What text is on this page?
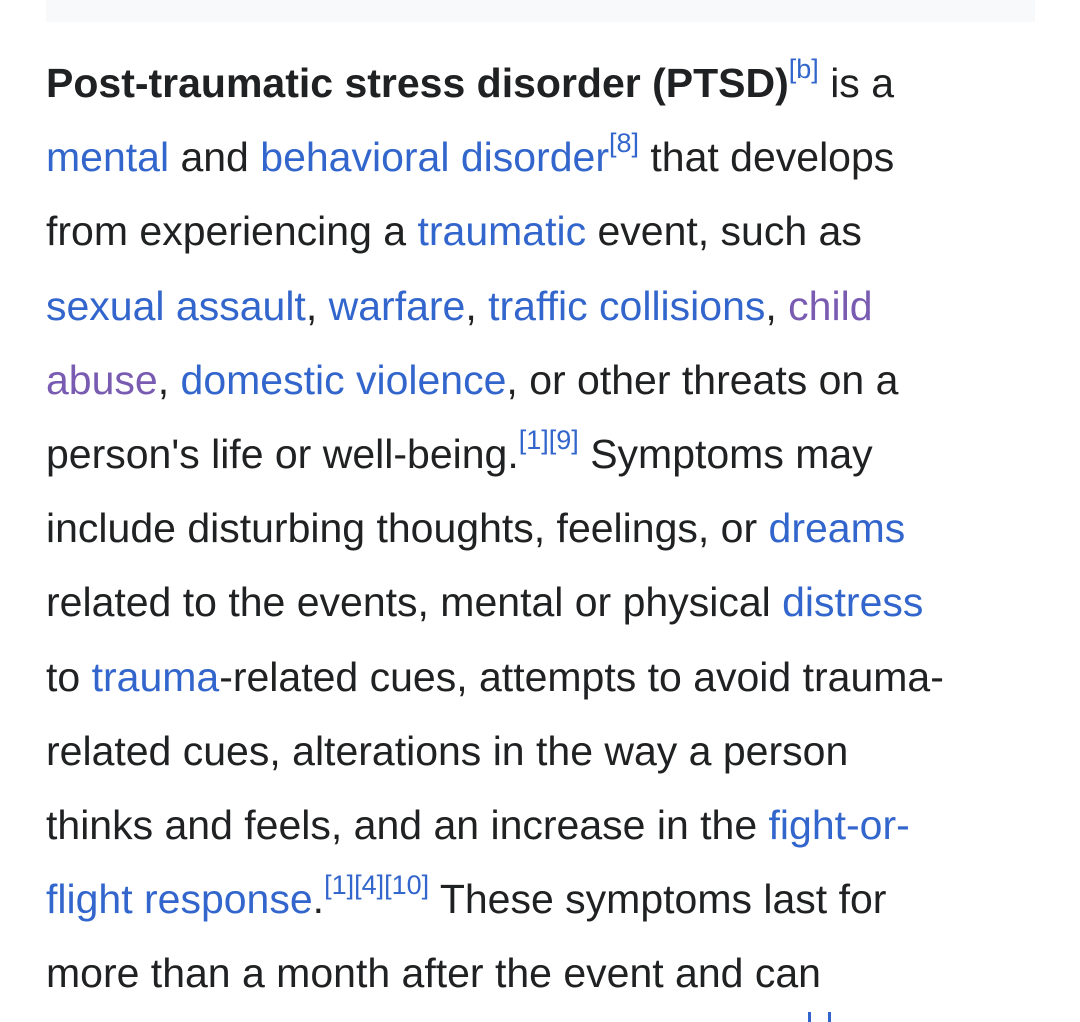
Post-traumatic stress disorder (PTSD)[b] is a
mental and behavioral disorder[8] that develops
from experiencing a traumatic event, such as
sexual assault, warfare, traffic collisions, child
abuse, domestic violence, or other threats on a
person's life or well-being.[1][9] Symptoms may
include disturbing thoughts, feelings, or dreams
related to the events, mental or physical distress
to trauma-related cues, attempts to avoid trauma-
related cues, alterations in the way a person
thinks and feels, and an increase in the fight-or-
flight response.[1][4][10] These symptoms last for
more than a month after the event and can
